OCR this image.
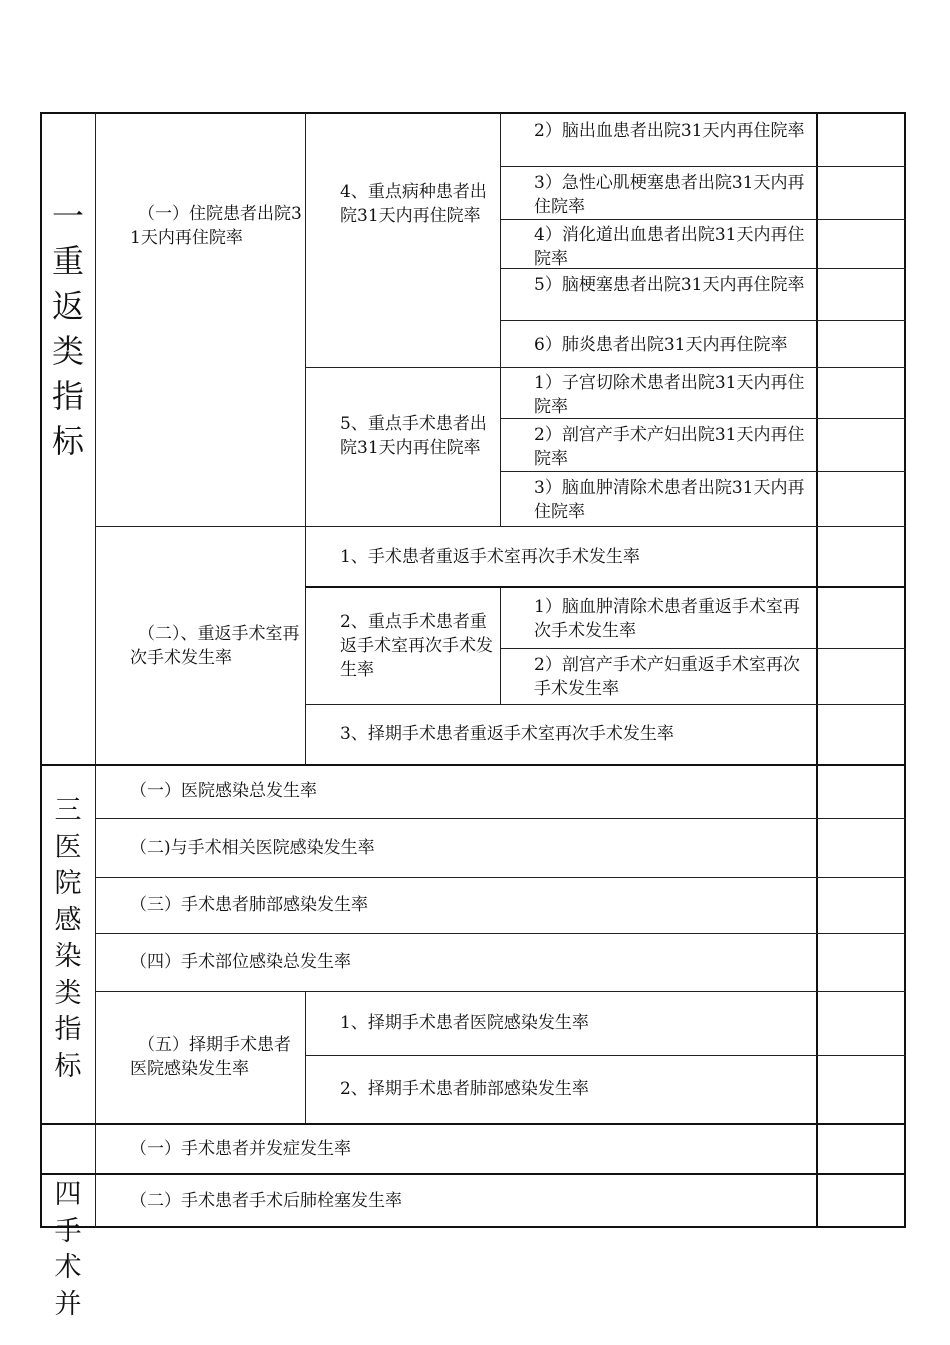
一重返类指标
（一）住院患者出院31天内再住院率
4、重点病种患者出院31天内再住院率
2）脑出血患者出院31天内再住院率
3）急性心肌梗塞患者出院31天内再住院率
4）消化道出血患者出院31天内再住院率
5）脑梗塞患者出院31天内再住院率
6）肺炎患者出院31天内再住院率
5、重点手术患者出院31天内再住院率
1）子宫切除术患者出院31天内再住院率
2）剖宫产手术产妇出院31天内再住院率
3）脑血肿清除术患者出院31天内再住院率
（二）、重返手术室再次手术发生率
1、手术患者重返手术室再次手术发生率
2、重点手术患者重返手术室再次手术发生率
1）脑血肿清除术患者重返手术室再次手术发生率
2）剖宫产手术产妇重返手术室再次手术发生率
3、择期手术患者重返手术室再次手术发生率
三医院感染类指标
（一）医院感染总发生率
（二)与手术相关医院感染发生率
（三）手术患者肺部感染发生率
（四）手术部位感染总发生率
（五）择期手术患者医院感染发生率
1、择期手术患者医院感染发生率
2、择期手术患者肺部感染发生率
四手术并
（一）手术患者并发症发生率
（二）手术患者手术后肺栓塞发生率
